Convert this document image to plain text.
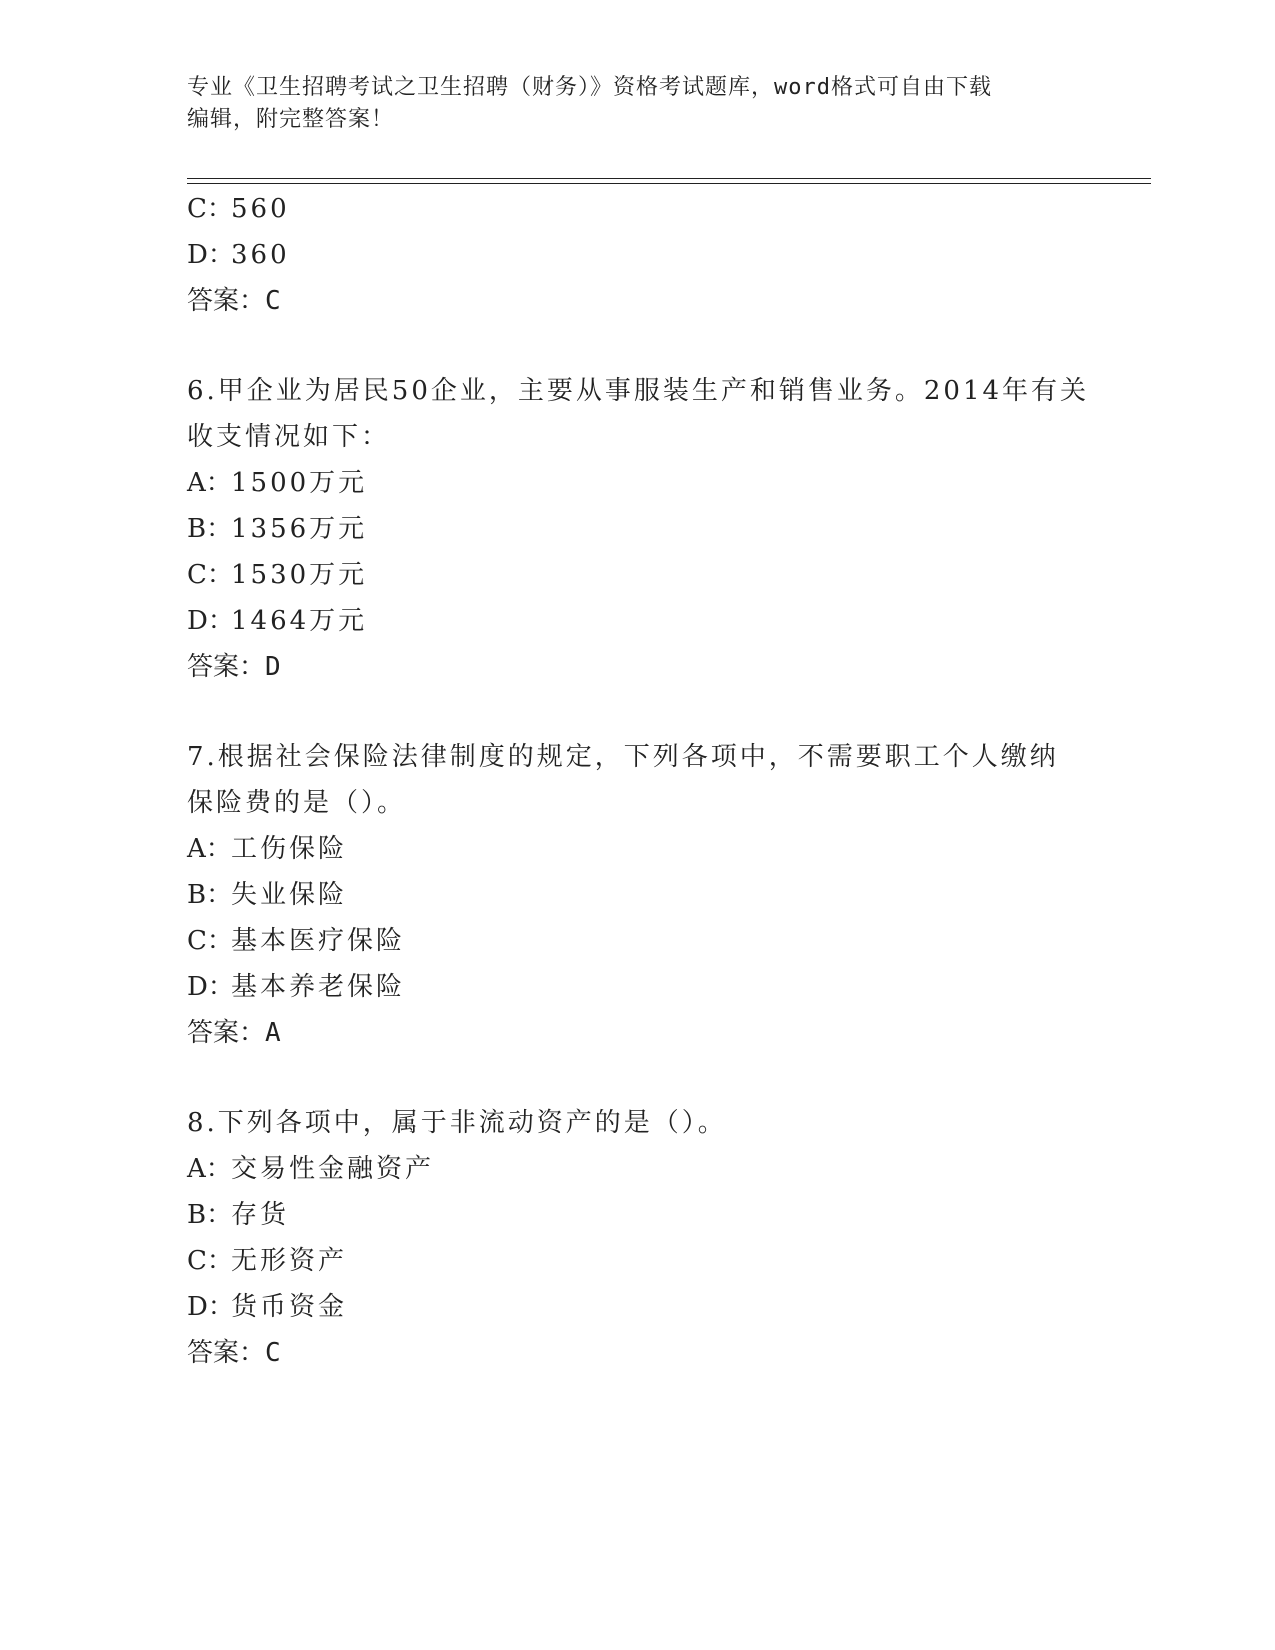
专业《卫生招聘考试之卫生招聘（财务）》资格考试题库，word格式可自由下载
编辑，附完整答案！
C：560
D：360
答案：C
6.甲企业为居民50企业，主要从事服装生产和销售业务。2014年有关
收支情况如下：
A：1500万元
B：1356万元
C：1530万元
D：1464万元
答案：D
7.根据社会保险法律制度的规定，下列各项中，不需要职工个人缴纳
保险费的是（）。
A：工伤保险
B：失业保险
C：基本医疗保险
D：基本养老保险
答案：A
8.下列各项中，属于非流动资产的是（）。
A：交易性金融资产
B：存货
C：无形资产
D：货币资金
答案：C
